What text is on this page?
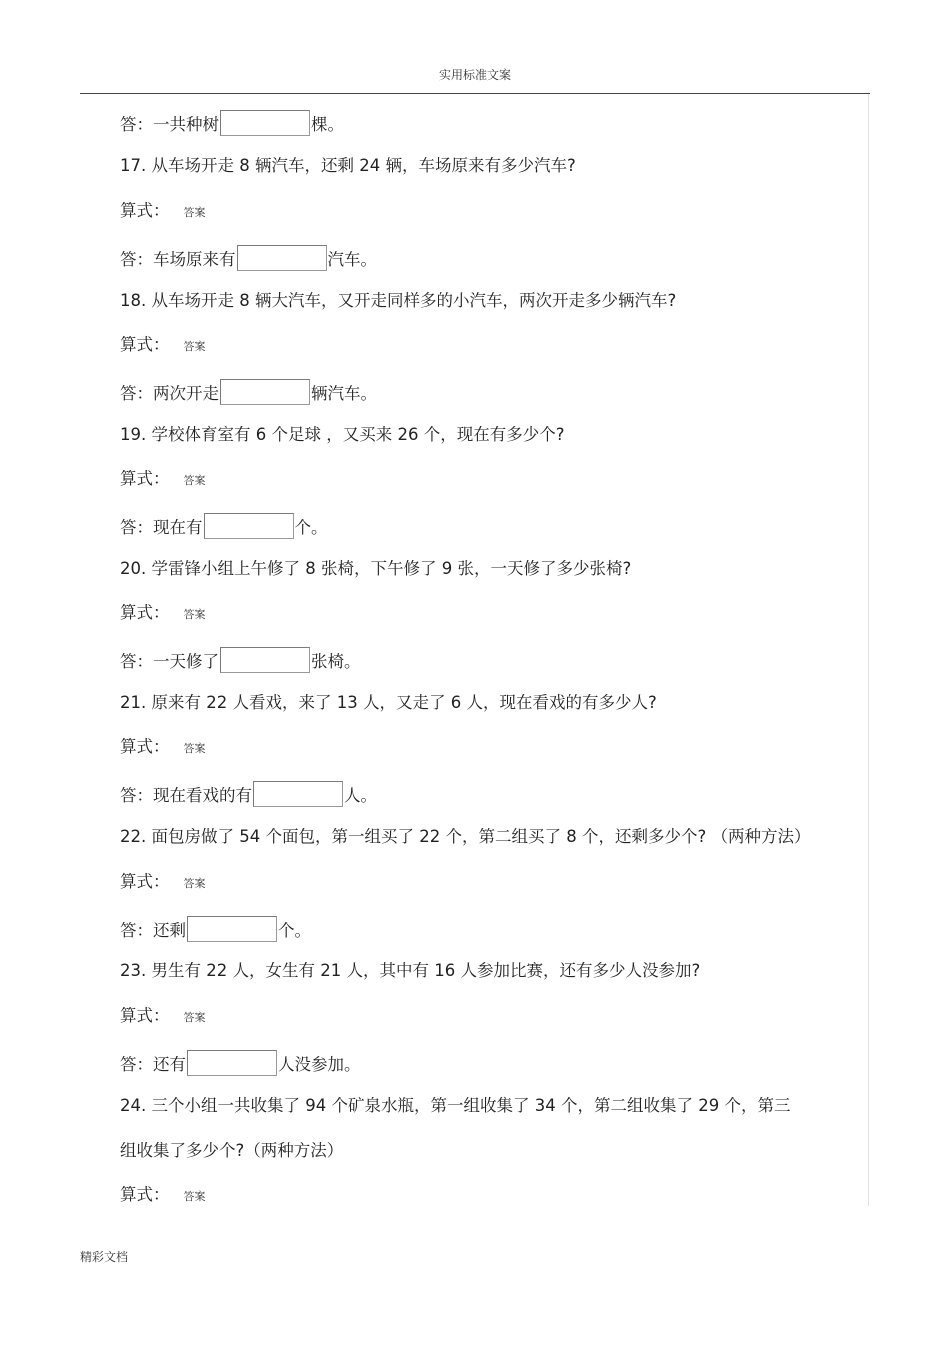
实用标准文案
答：一共种树	棵。
17. 从车场开走 8 辆汽车，还剩 24 辆，车场原来有多少汽车?
算式： 答案
答：车场原来有	汽车。
18. 从车场开走 8 辆大汽车，又开走同样多的小汽车，两次开走多少辆汽车?
算式： 答案
答：两次开走	辆汽车。
19. 学校体育室有 6 个足球 ，又买来 26 个，现在有多少个?
算式： 答案
答：现在有	个。
20. 学雷锋小组上午修了 8 张椅，下午修了 9 张，一天修了多少张椅?
算式： 答案
答：一天修了	张椅。
21. 原来有 22 人看戏，来了 13 人，又走了 6 人，现在看戏的有多少人?
算式： 答案
答：现在看戏的有	人。
22. 面包房做了 54 个面包，第一组买了 22 个，第二组买了 8 个，还剩多少个? （两种方法）
算式： 答案
答：还剩	个。
23. 男生有 22 人，女生有 21 人，其中有 16 人参加比赛，还有多少人没参加?
算式： 答案
答：还有	人没参加。
24. 三个小组一共收集了 94 个矿泉水瓶，第一组收集了 34 个，第二组收集了 29 个，第三
组收集了多少个?（两种方法）
算式： 答案
精彩文档
